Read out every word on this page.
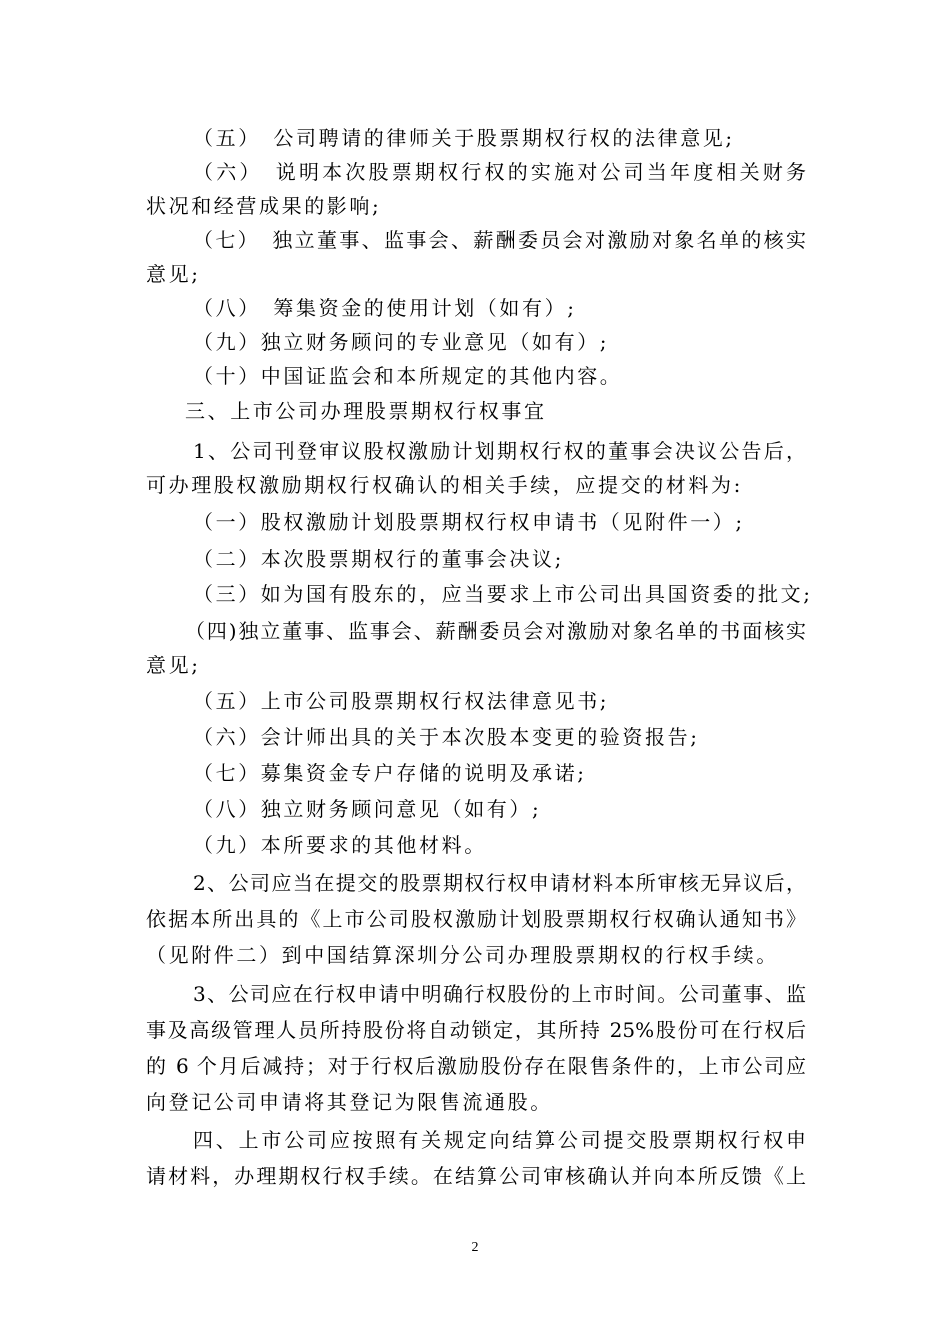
（五）　公司聘请的律师关于股票期权行权的法律意见;
（六）　说明本次股票期权行权的实施对公司当年度相关财务
状况和经营成果的影响;
（七）　独立董事、监事会、薪酬委员会对激励对象名单的核实
意见;
（八）　筹集资金的使用计划（如有）;
（九）独立财务顾问的专业意见（如有）;
（十）中国证监会和本所规定的其他内容。
三、上市公司办理股票期权行权事宜
1、公司刊登审议股权激励计划期权行权的董事会决议公告后，
可办理股权激励期权行权确认的相关手续，应提交的材料为:
（一）股权激励计划股票期权行权申请书（见附件一）;
（二）本次股票期权行的董事会决议;
（三）如为国有股东的，应当要求上市公司出具国资委的批文;
（四)独立董事、监事会、薪酬委员会对激励对象名单的书面核实
意见;
（五）上市公司股票期权行权法律意见书;
（六）会计师出具的关于本次股本变更的验资报告;
（七）募集资金专户存储的说明及承诺;
（八）独立财务顾问意见（如有）;
（九）本所要求的其他材料。
2、公司应当在提交的股票期权行权申请材料本所审核无异议后，
依据本所出具的《上市公司股权激励计划股票期权行权确认通知书》
（见附件二）到中国结算深圳分公司办理股票期权的行权手续。
3、公司应在行权申请中明确行权股份的上市时间。公司董事、监
事及高级管理人员所持股份将自动锁定，其所持 25%股份可在行权后
的 6 个月后减持；对于行权后激励股份存在限售条件的，上市公司应
向登记公司申请将其登记为限售流通股。
四、上市公司应按照有关规定向结算公司提交股票期权行权申
请材料，办理期权行权手续。在结算公司审核确认并向本所反馈《上
2
